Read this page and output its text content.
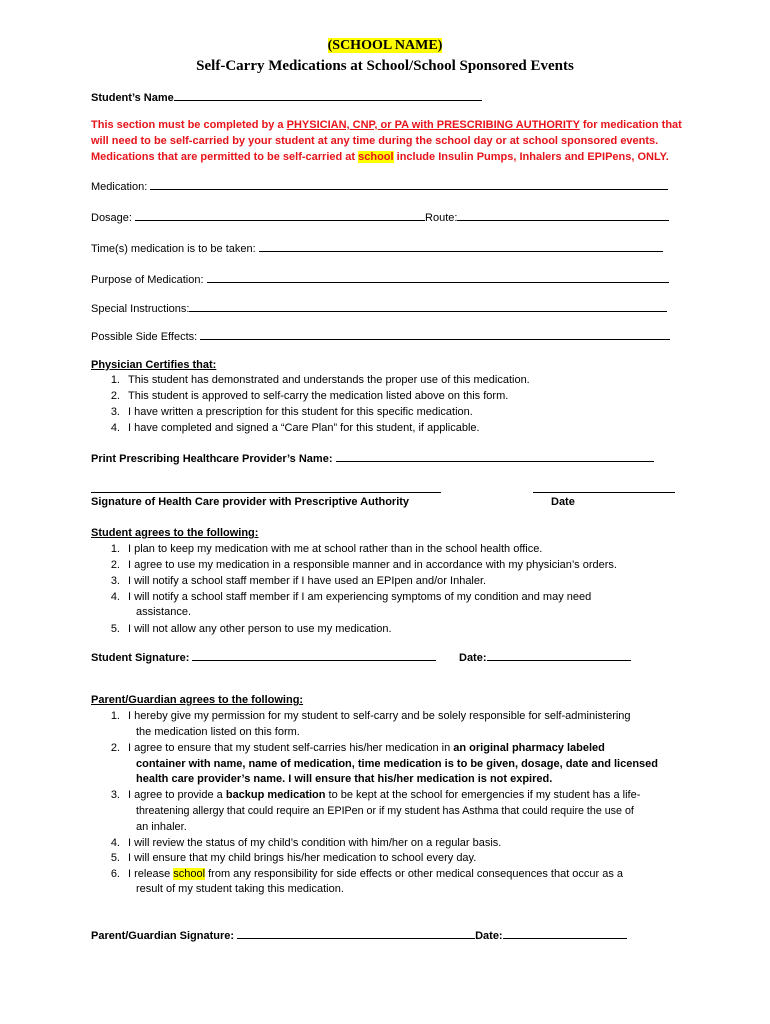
(SCHOOL NAME)
Self-Carry Medications at School/School Sponsored Events
Student’s Name
This section must be completed by a PHYSICIAN, CNP, or PA with PRESCRIBING AUTHORITY for medication that
will need to be self-carried by your student at any time during the school day or at school sponsored events.
Medications that are permitted to be self-carried at school include Insulin Pumps, Inhalers and EPIPens, ONLY.
Medication:
Dosage:	Route:
Time(s) medication is to be taken:
Purpose of Medication:
Special Instructions:
Possible Side Effects:
Physician Certifies that:
1. This student has demonstrated and understands the proper use of this medication.
2. This student is approved to self-carry the medication listed above on this form.
3. I have written a prescription for this student for this specific medication.
4. I have completed and signed a “Care Plan” for this student, if applicable.
Print Prescribing Healthcare Provider’s Name:
Signature of Health Care provider with Prescriptive Authority	Date
Student agrees to the following:
1. I plan to keep my medication with me at school rather than in the school health office.
2. I agree to use my medication in a responsible manner and in accordance with my physician’s orders.
3. I will notify a school staff member if I have used an EPIpen and/or Inhaler.
4. I will notify a school staff member if I am experiencing symptoms of my condition and may need
assistance.
5. I will not allow any other person to use my medication.
Student Signature:	Date:
Parent/Guardian agrees to the following:
1. I hereby give my permission for my student to self-carry and be solely responsible for self-administering
the medication listed on this form.
2. I agree to ensure that my student self-carries his/her medication in an original pharmacy labeled
container with name, name of medication, time medication is to be given, dosage, date and licensed
health care provider’s name. I will ensure that his/her medication is not expired.
3. I agree to provide a backup medication to be kept at the school for emergencies if my student has a life-
threatening allergy that could require an EPIPen or if my student has Asthma that could require the use of
an inhaler.
4. I will review the status of my child’s condition with him/her on a regular basis.
5. I will ensure that my child brings his/her medication to school every day.
6. I release school from any responsibility for side effects or other medical consequences that occur as a
result of my student taking this medication.
Parent/Guardian Signature:	Date:
